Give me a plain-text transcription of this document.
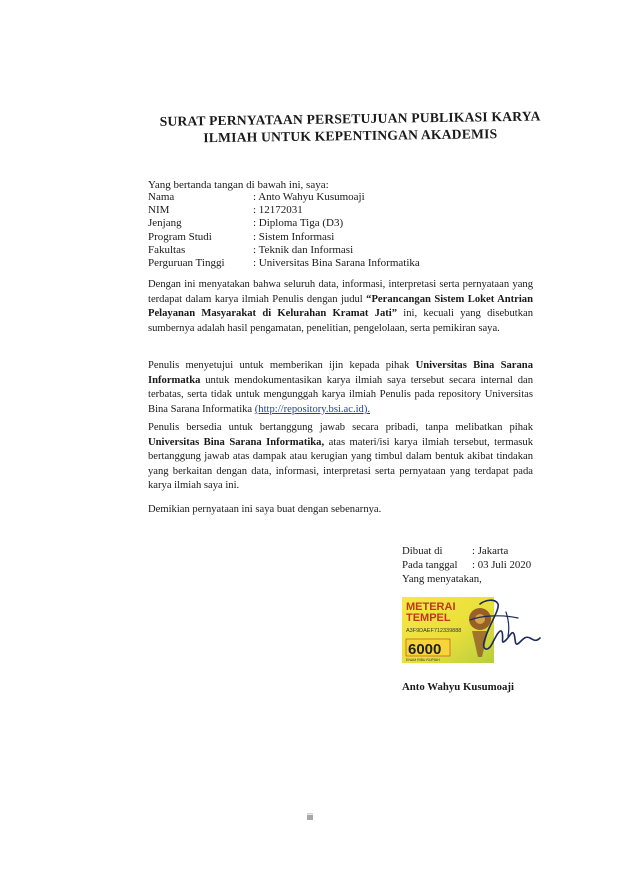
SURAT PERNYATAAN PERSETUJUAN PUBLIKASI KARYA
ILMIAH UNTUK KEPENTINGAN AKADEMIS
Yang bertanda tangan di bawah ini, saya:
Nama	: Anto Wahyu Kusumoaji
NIM	: 12172031
Jenjang	: Diploma Tiga (D3)
Program Studi	: Sistem Informasi
Fakultas	: Teknik dan Informasi
Perguruan Tinggi	: Universitas Bina Sarana Informatika
Dengan ini menyatakan bahwa seluruh data, informasi, interpretasi serta pernyataan yang terdapat dalam karya ilmiah Penulis dengan judul “Perancangan Sistem Loket Antrian Pelayanan Masyarakat di Kelurahan Kramat Jati” ini, kecuali yang disebutkan sumbernya adalah hasil pengamatan, penelitian, pengelolaan, serta pemikiran saya.
Penulis menyetujui untuk memberikan ijin kepada pihak Universitas Bina Sarana Informatka untuk mendokumentasikan karya ilmiah saya tersebut secara internal dan terbatas, serta tidak untuk mengunggah karya ilmiah Penulis pada repository Universitas Bina Sarana Informatika (http://repository.bsi.ac.id).
Penulis bersedia untuk bertanggung jawab secara pribadi, tanpa melibatkan pihak Universitas Bina Sarana Informatika, atas materi/isi karya ilmiah tersebut, termasuk bertanggung jawab atas dampak atau kerugian yang timbul dalam bentuk akibat tindakan yang berkaitan dengan data, informasi, interpretasi serta pernyataan yang terdapat pada karya ilmiah saya ini.
Demikian pernyataan ini saya buat dengan sebenarnya.
Dibuat di	: Jakarta
Pada tanggal	: 03 Juli 2020
Yang menyatakan,
METERAI
TEMPEL
A3F9DAEF712339888
6000
ENAM RIBU RUPIAH
Anto Wahyu Kusumoaji
iii
